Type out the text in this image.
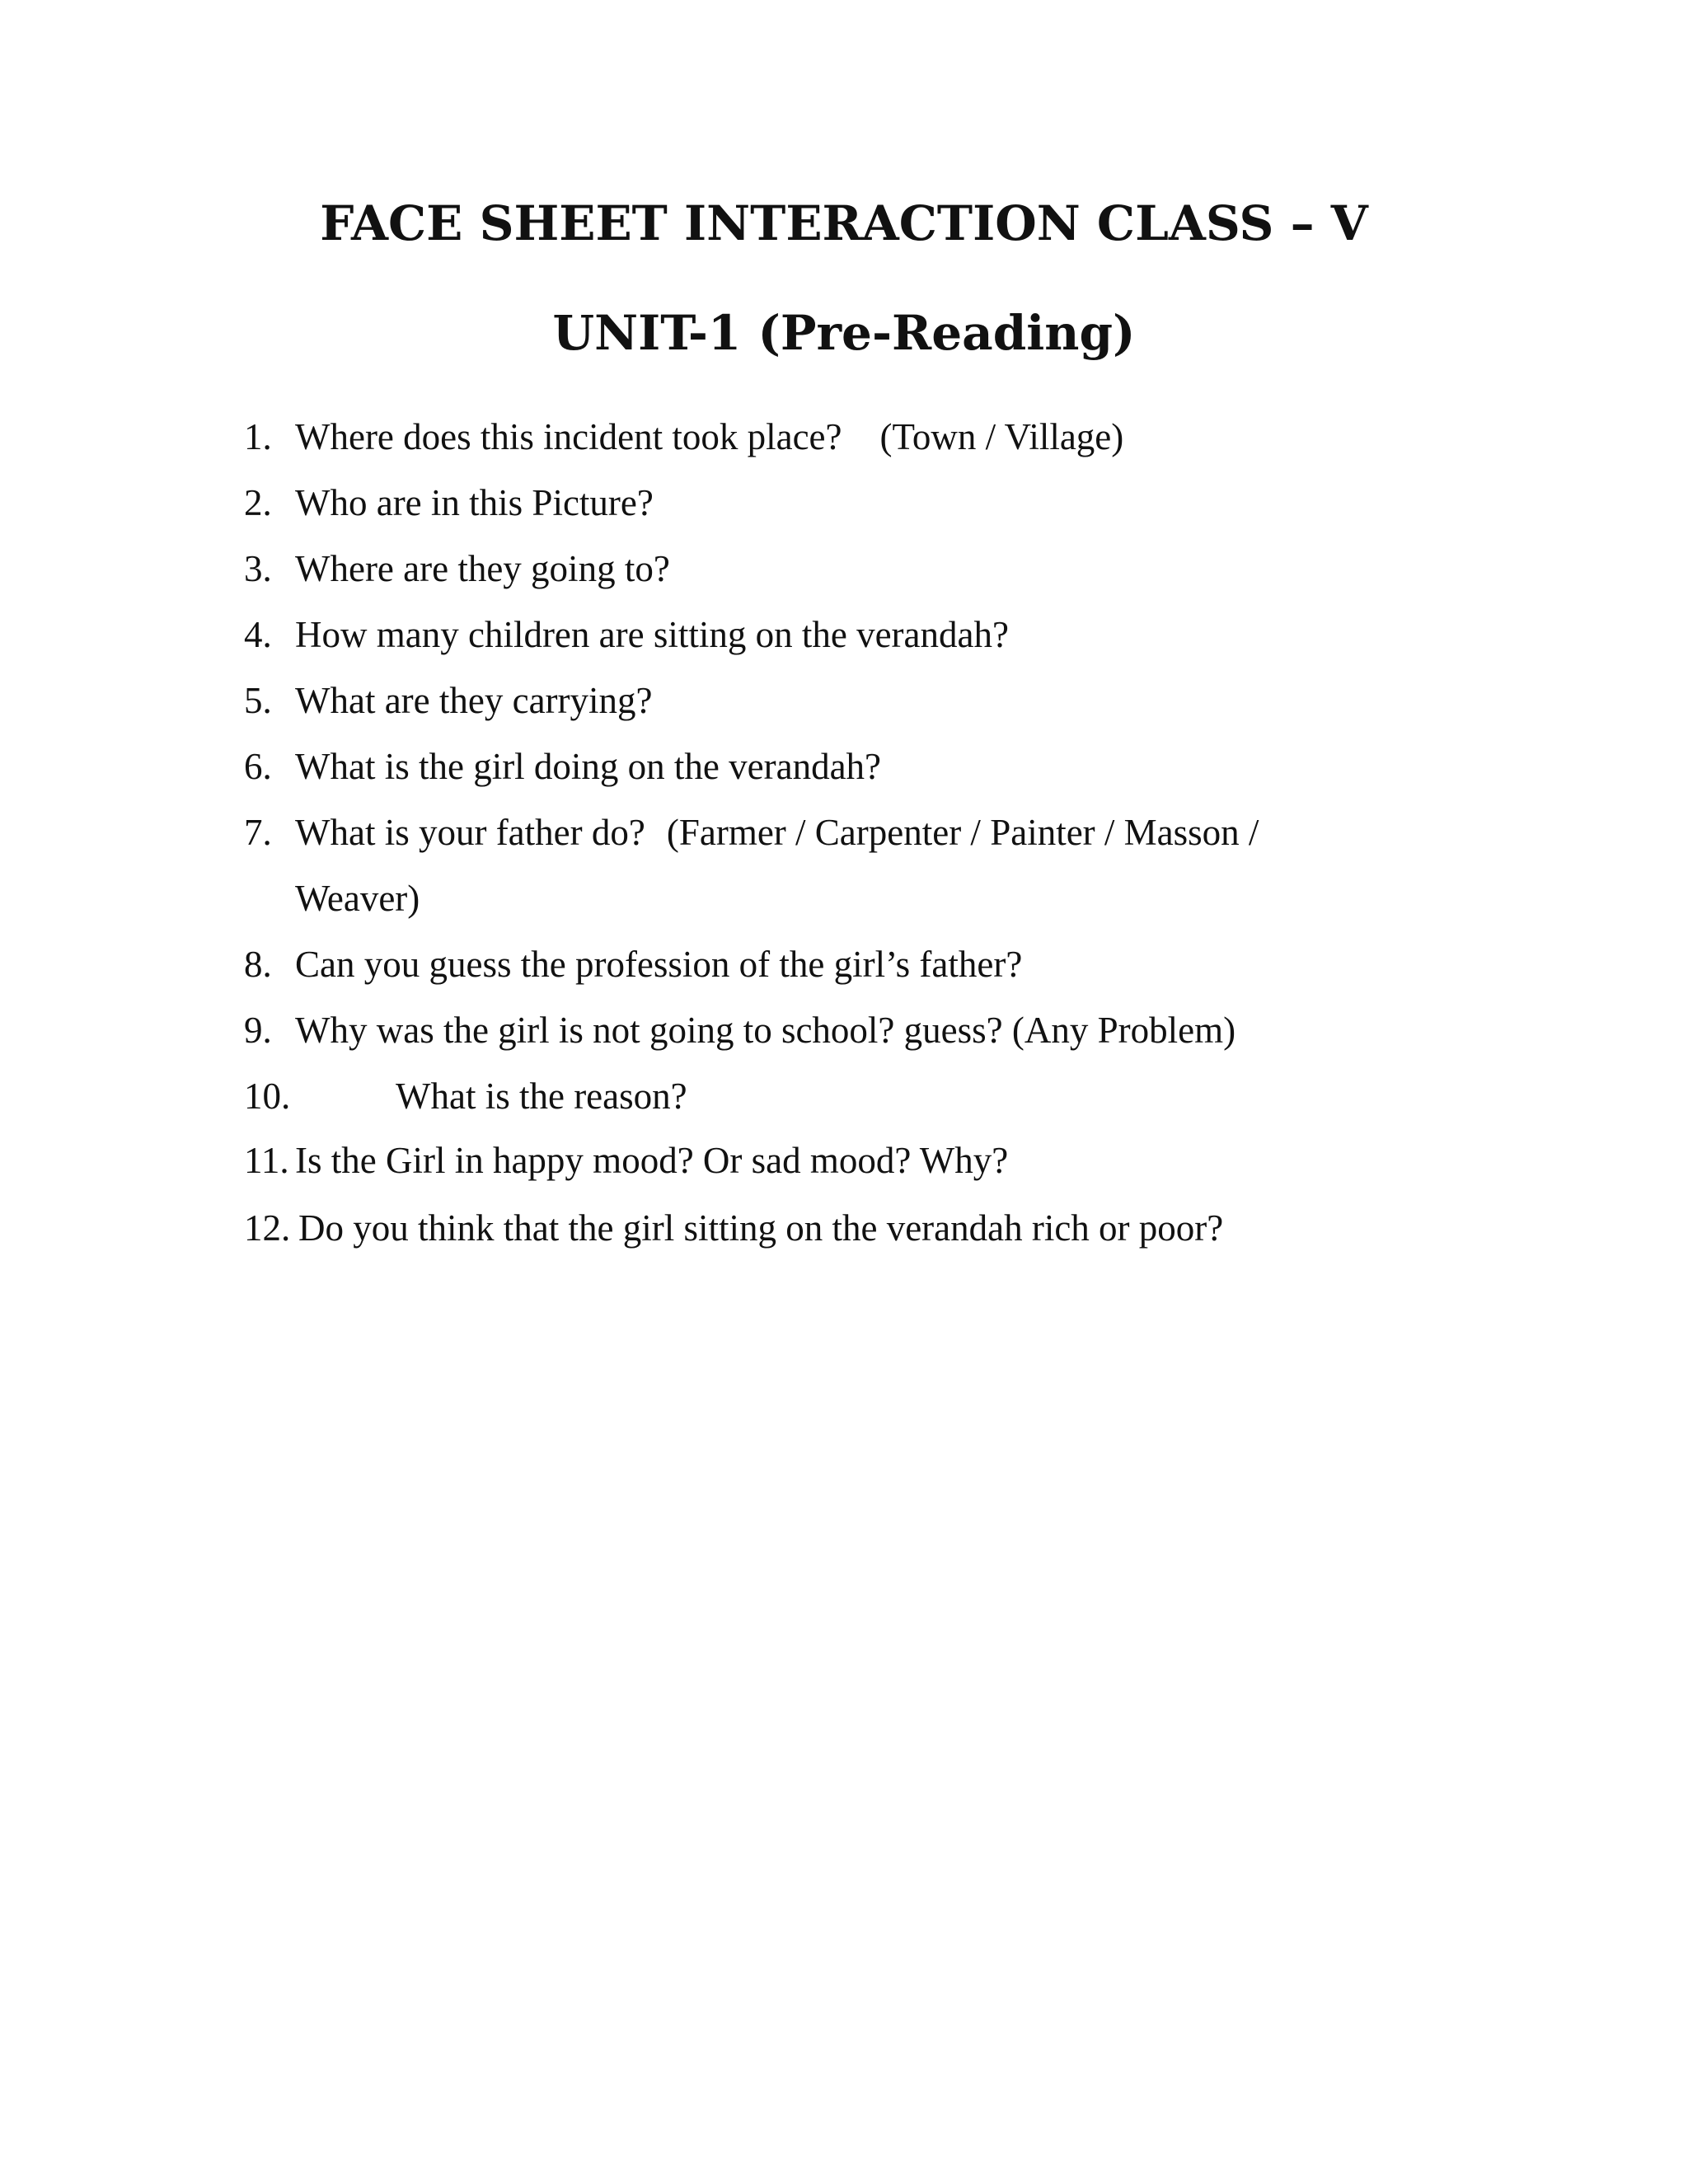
FACE SHEET INTERACTION CLASS – V
UNIT-1 (Pre-Reading)
1. Where does this incident took place? (Town / Village)
2. Who are in this Picture?
3. Where are they going to?
4. How many children are sitting on the verandah?
5. What are they carrying?
6. What is the girl doing on the verandah?
7. What is your father do? (Farmer / Carpenter / Painter / Masson /
Weaver)
8. Can you guess the profession of the girl’s father?
9. Why was the girl is not going to school? guess? (Any Problem)
10.	What is the reason?
11. Is the Girl in happy mood? Or sad mood? Why?
12. Do you think that the girl sitting on the verandah rich or poor?
